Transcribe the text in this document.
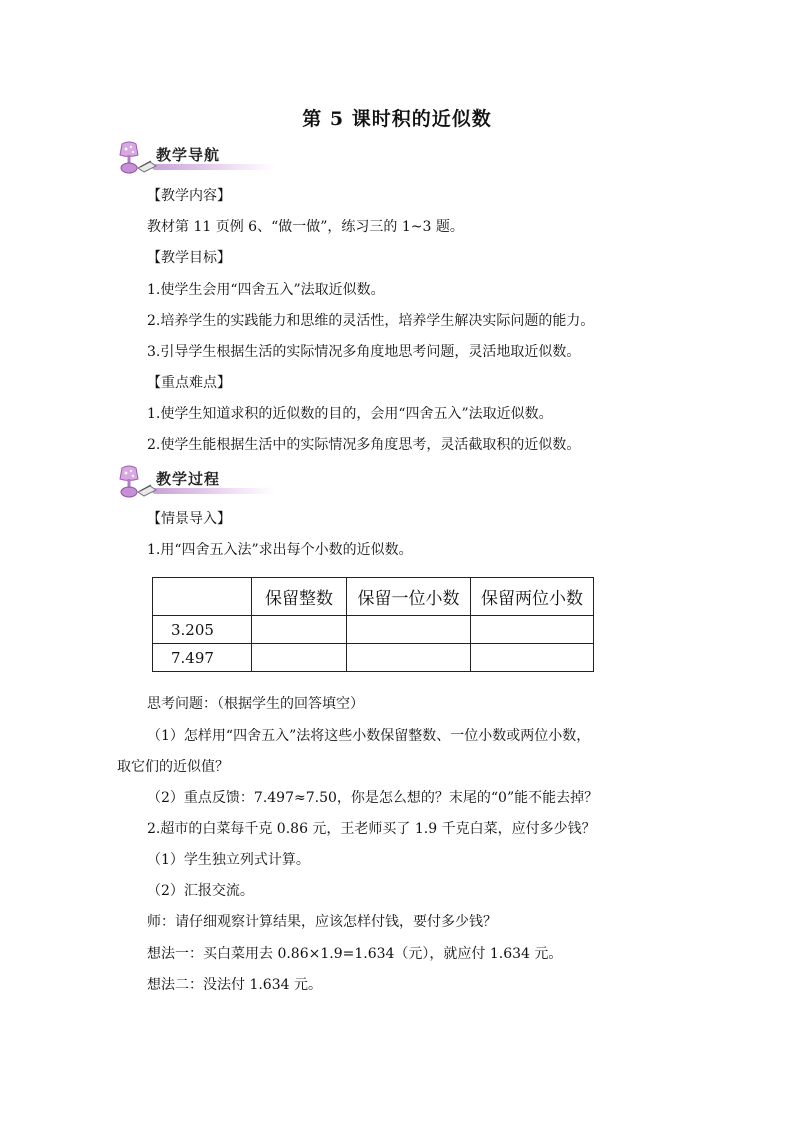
第 5 课时积的近似数
教学导航
【教学内容】
教材第 11 页例 6、“做一做”，练习三的 1~3 题。
【教学目标】
1.使学生会用“四舍五入”法取近似数。
2.培养学生的实践能力和思维的灵活性，培养学生解决实际问题的能力。
3.引导学生根据生活的实际情况多角度地思考问题，灵活地取近似数。
【重点难点】
1.使学生知道求积的近似数的目的，会用“四舍五入”法取近似数。
2.使学生能根据生活中的实际情况多角度思考，灵活截取积的近似数。
教学过程
【情景导入】
1.用“四舍五入法”求出每个小数的近似数。
	保留整数	保留一位小数	保留两位小数
3.205			
7.497			
思考问题：（根据学生的回答填空）
（1）怎样用“四舍五入”法将这些小数保留整数、一位小数或两位小数，
取它们的近似值？
（2）重点反馈：7.497≈7.50，你是怎么想的？末尾的“0”能不能去掉？
2.超市的白菜每千克 0.86 元，王老师买了 1.9 千克白菜，应付多少钱？
（1）学生独立列式计算。
（2）汇报交流。
师：请仔细观察计算结果，应该怎样付钱，要付多少钱？
想法一：买白菜用去 0.86×1.9=1.634（元），就应付 1.634 元。
想法二：没法付 1.634 元。
